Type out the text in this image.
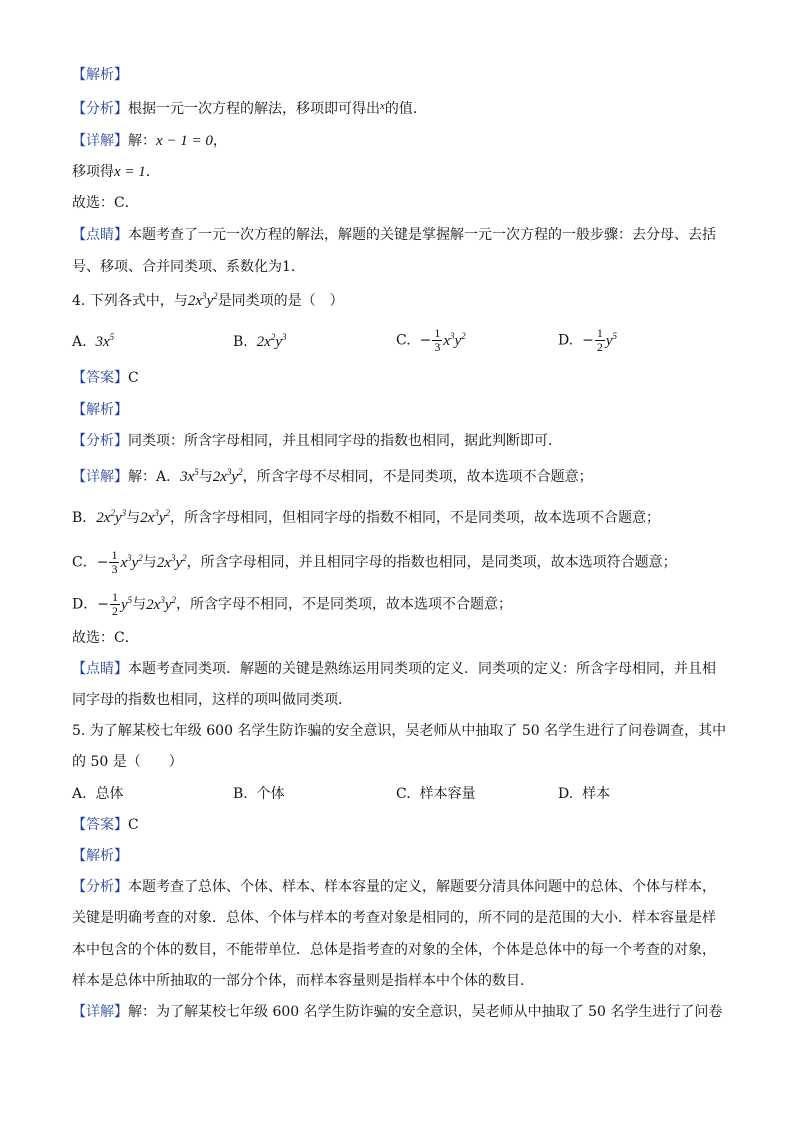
【解析】
【分析】根据一元一次方程的解法，移项即可得出$^x$的值．
【详解】解：x − 1 = 0，
移项得x = 1．
故选：C．
【点睛】本题考查了一元一次方程的解法，解题的关键是掌握解一元一次方程的一般步骤：去分母、去括
号、移项、合并同类项、系数化为1．
4. 下列各式中，与$2x^3y^2$是同类项的是（　）
A. $3x^5$	B. $2x^2y^3$	C. − $\frac{1}{3} x^3y^2$	D. − $\frac{1}{2} y^5$
【答案】C
【解析】
【分析】同类项：所含字母相同，并且相同字母的指数也相同，据此判断即可．
【详解】解：A．$3x^5$与$2x^3y^2$，所含字母不尽相同，不是同类项，故本选项不合题意；
B．$2x^2y^3$与$2x^3y^2$，所含字母相同，但相同字母的指数不相同，不是同类项，故本选项不合题意；
C．− $\frac{1}{3} x^3y^2$与$2x^3y^2$，所含字母相同，并且相同字母的指数也相同，是同类项，故本选项符合题意；
D．− $\frac{1}{2} y^5$与$2x^3y^2$，所含字母不相同，不是同类项，故本选项不合题意；
故选：C．
【点睛】本题考查同类项．解题的关键是熟练运用同类项的定义．同类项的定义：所含字母相同，并且相
同字母的指数也相同，这样的项叫做同类项．
5. 为了解某校七年级 600 名学生防诈骗的安全意识，吴老师从中抽取了 50 名学生进行了问卷调查，其中
的 50 是（　　）
A. 总体	B. 个体	C. 样本容量	D. 样本
【答案】C
【解析】
【分析】本题考查了总体、个体、样本、样本容量的定义，解题要分清具体问题中的总体、个体与样本，
关键是明确考查的对象．总体、个体与样本的考查对象是相同的，所不同的是范围的大小．样本容量是样
本中包含的个体的数目，不能带单位．总体是指考查的对象的全体，个体是总体中的每一个考查的对象，
样本是总体中所抽取的一部分个体，而样本容量则是指样本中个体的数目．
【详解】解：为了解某校七年级 600 名学生防诈骗的安全意识，吴老师从中抽取了 50 名学生进行了问卷
